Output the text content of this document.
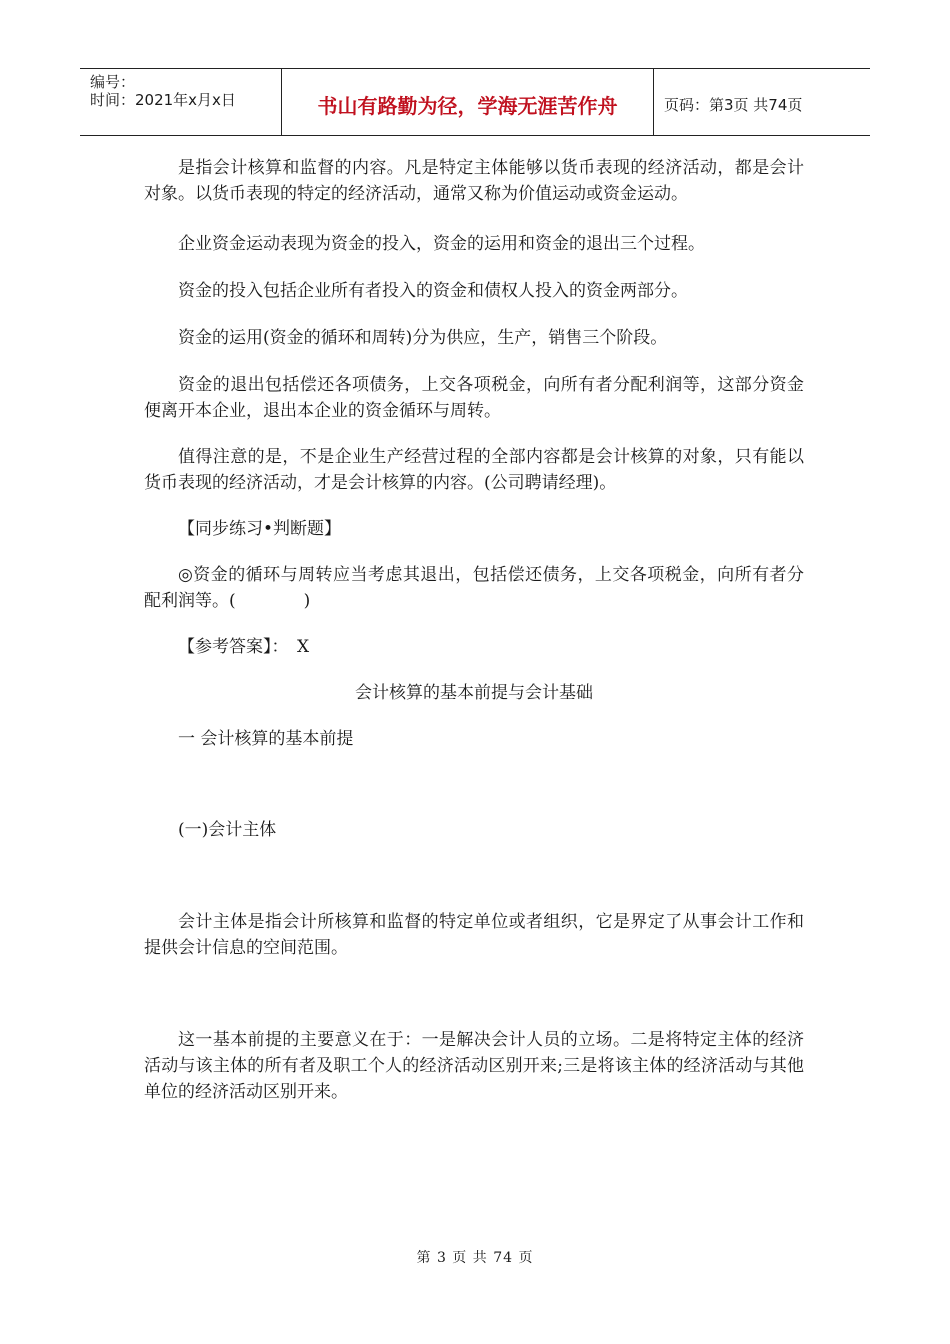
编号：
时间：2021年x月x日	书山有路勤为径，学海无涯苦作舟	页码：第3页 共74页

是指会计核算和监督的内容。凡是特定主体能够以货币表现的经济活动，都是会计对象。以货币表现的特定的经济活动，通常又称为价值运动或资金运动。

企业资金运动表现为资金的投入，资金的运用和资金的退出三个过程。

资金的投入包括企业所有者投入的资金和债权人投入的资金两部分。

资金的运用(资金的循环和周转)分为供应，生产，销售三个阶段。

资金的退出包括偿还各项债务，上交各项税金，向所有者分配利润等，这部分资金便离开本企业，退出本企业的资金循环与周转。

值得注意的是，不是企业生产经营过程的全部内容都是会计核算的对象，只有能以货币表现的经济活动，才是会计核算的内容。(公司聘请经理)。

【同步练习•判断题】

◎资金的循环与周转应当考虑其退出，包括偿还债务，上交各项税金，向所有者分配利润等。(　　　　)

【参考答案】：　X

会计核算的基本前提与会计基础

一 会计核算的基本前提

(一)会计主体

会计主体是指会计所核算和监督的特定单位或者组织，它是界定了从事会计工作和提供会计信息的空间范围。

这一基本前提的主要意义在于：一是解决会计人员的立场。二是将特定主体的经济活动与该主体的所有者及职工个人的经济活动区别开来;三是将该主体的经济活动与其他单位的经济活动区别开来。

第 3 页 共 74 页
